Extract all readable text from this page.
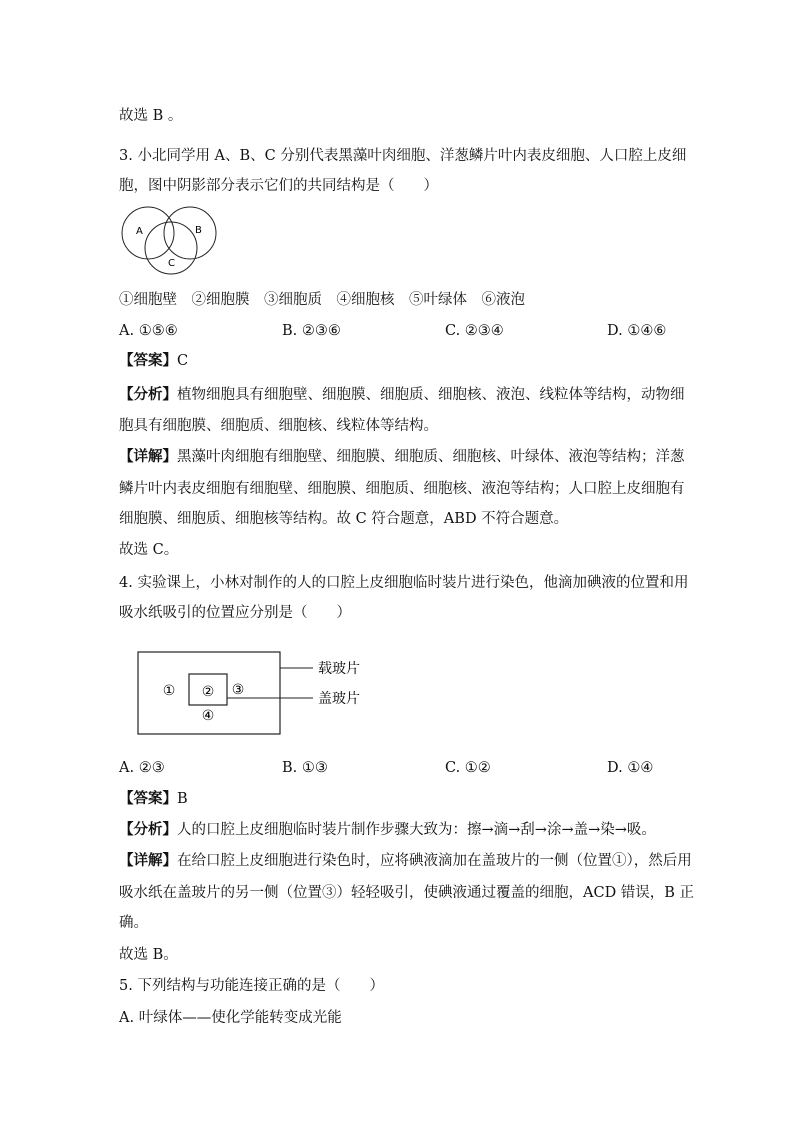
故选 B 。
3. 小北同学用 A、B、C 分别代表黑藻叶肉细胞、洋葱鳞片叶内表皮细胞、人口腔上皮细
胞，图中阴影部分表示它们的共同结构是（　　）
A	B
C
①细胞壁　②细胞膜　③细胞质　④细胞核　⑤叶绿体　⑥液泡
A. ①⑤⑥	B. ②③⑥	C. ②③④	D. ①④⑥
【答案】C
【分析】植物细胞具有细胞壁、细胞膜、细胞质、细胞核、液泡、线粒体等结构，动物细
胞具有细胞膜、细胞质、细胞核、线粒体等结构。
【详解】黑藻叶肉细胞有细胞壁、细胞膜、细胞质、细胞核、叶绿体、液泡等结构；洋葱
鳞片叶内表皮细胞有细胞壁、细胞膜、细胞质、细胞核、液泡等结构；人口腔上皮细胞有
细胞膜、细胞质、细胞核等结构。故 C 符合题意，ABD 不符合题意。
故选 C。
4. 实验课上，小林对制作的人的口腔上皮细胞临时装片进行染色，他滴加碘液的位置和用
吸水纸吸引的位置应分别是（　　）
① ② ③
④
载玻片
盖玻片
A. ②③	B. ①③	C. ①②	D. ①④
【答案】B
【分析】人的口腔上皮细胞临时装片制作步骤大致为：擦→滴→刮→涂→盖→染→吸。
【详解】在给口腔上皮细胞进行染色时，应将碘液滴加在盖玻片的一侧（位置①），然后用
吸水纸在盖玻片的另一侧（位置③）轻轻吸引，使碘液通过覆盖的细胞，ACD 错误，B 正
确。
故选 B。
5. 下列结构与功能连接正确的是（　　）
A. 叶绿体——使化学能转变成光能
